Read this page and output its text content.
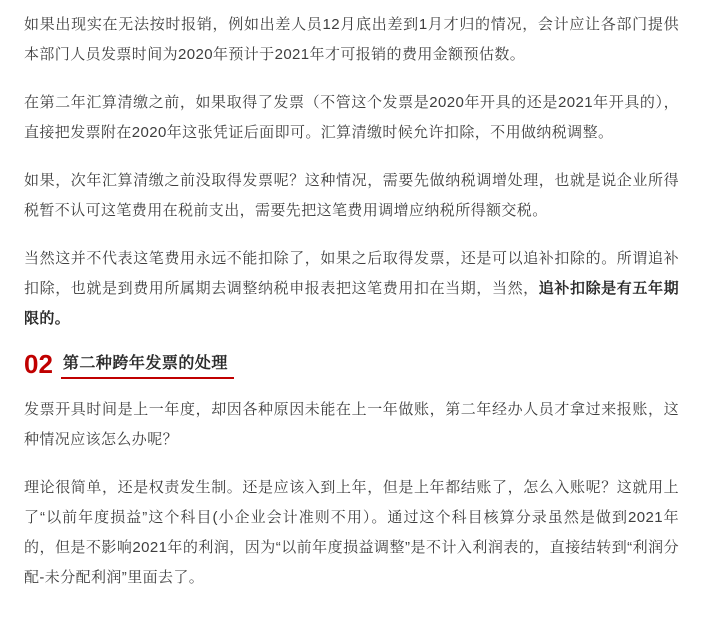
如果出现实在无法按时报销，例如出差人员12月底出差到1月才归的情况，会计应让各部门提供本部门人员发票时间为2020年预计于2021年才可报销的费用金额预估数。

在第二年汇算清缴之前，如果取得了发票（不管这个发票是2020年开具的还是2021年开具的），直接把发票附在2020年这张凭证后面即可。汇算清缴时候允许扣除，不用做纳税调整。

如果，次年汇算清缴之前没取得发票呢？这种情况，需要先做纳税调增处理，也就是说企业所得税暂不认可这笔费用在税前支出，需要先把这笔费用调增应纳税所得额交税。

当然这并不代表这笔费用永远不能扣除了，如果之后取得发票，还是可以追补扣除的。所谓追补扣除，也就是到费用所属期去调整纳税申报表把这笔费用扣在当期，当然，追补扣除是有五年期限的。

02 第二种跨年发票的处理

发票开具时间是上一年度，却因各种原因未能在上一年做账，第二年经办人员才拿过来报账，这种情况应该怎么办呢？

理论很简单，还是权责发生制。还是应该入到上年，但是上年都结账了，怎么入账呢？这就用上了“以前年度损益”这个科目(小企业会计准则不用）。通过这个科目核算分录虽然是做到2021年的，但是不影响2021年的利润，因为“以前年度损益调整”是不计入利润表的，直接结转到“利润分配-未分配利润”里面去了。
